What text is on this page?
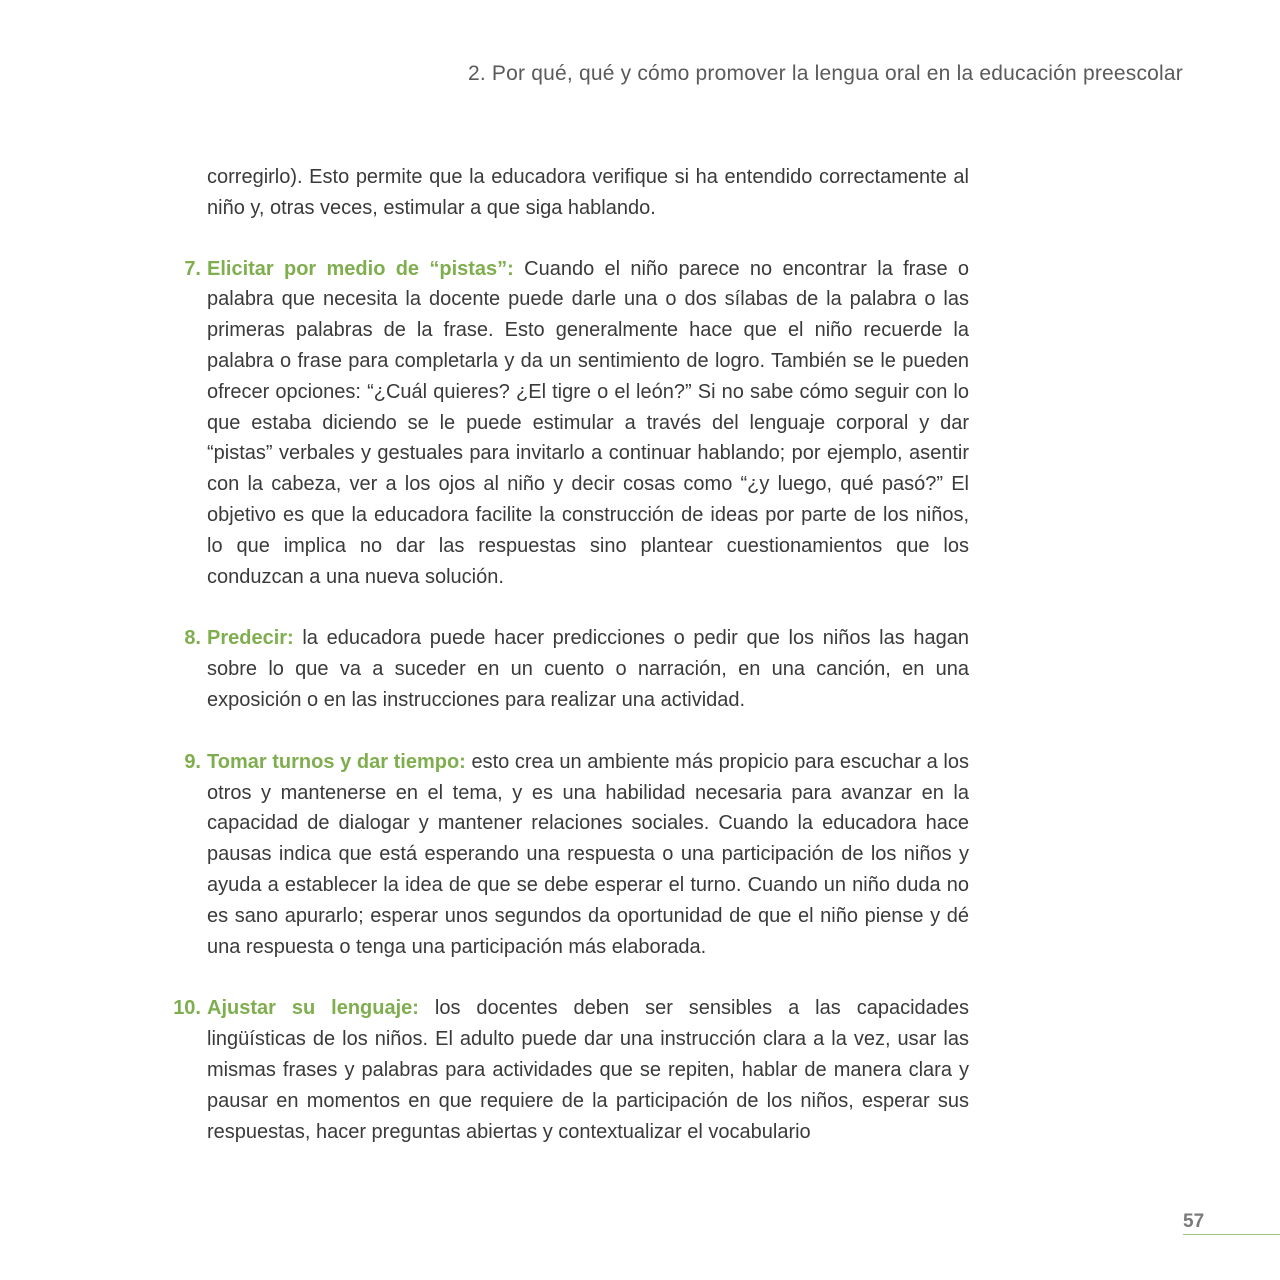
2. Por qué, qué y cómo promover la lengua oral en la educación preescolar

corregirlo). Esto permite que la educadora verifique si ha entendido correctamente al niño y, otras veces, estimular a que siga hablando.

7. Elicitar por medio de “pistas”: Cuando el niño parece no encontrar la frase o palabra que necesita la docente puede darle una o dos sílabas de la palabra o las primeras palabras de la frase. Esto generalmente hace que el niño recuerde la palabra o frase para completarla y da un sentimiento de logro. También se le pueden ofrecer opciones: “¿Cuál quieres? ¿El tigre o el león?” Si no sabe cómo seguir con lo que estaba diciendo se le puede estimular a través del lenguaje corporal y dar “pistas” verbales y gestuales para invitarlo a continuar hablando; por ejemplo, asentir con la cabeza, ver a los ojos al niño y decir cosas como “¿y luego, qué pasó?” El objetivo es que la educadora facilite la construcción de ideas por parte de los niños, lo que implica no dar las respuestas sino plantear cuestionamientos que los conduzcan a una nueva solución.
8. Predecir: la educadora puede hacer predicciones o pedir que los niños las hagan sobre lo que va a suceder en un cuento o narración, en una canción, en una exposición o en las instrucciones para realizar una actividad.
9. Tomar turnos y dar tiempo: esto crea un ambiente más propicio para escuchar a los otros y mantenerse en el tema, y es una habilidad necesaria para avanzar en la capacidad de dialogar y mantener relaciones sociales. Cuando la educadora hace pausas indica que está esperando una respuesta o una participación de los niños y ayuda a establecer la idea de que se debe esperar el turno. Cuando un niño duda no es sano apurarlo; esperar unos segundos da oportunidad de que el niño piense y dé una respuesta o tenga una participación más elaborada.
10. Ajustar su lenguaje: los docentes deben ser sensibles a las capacidades lingüísticas de los niños. El adulto puede dar una instrucción clara a la vez, usar las mismas frases y palabras para actividades que se repiten, hablar de manera clara y pausar en momentos en que requiere de la participación de los niños, esperar sus respuestas, hacer preguntas abiertas y contextualizar el vocabulario
57
